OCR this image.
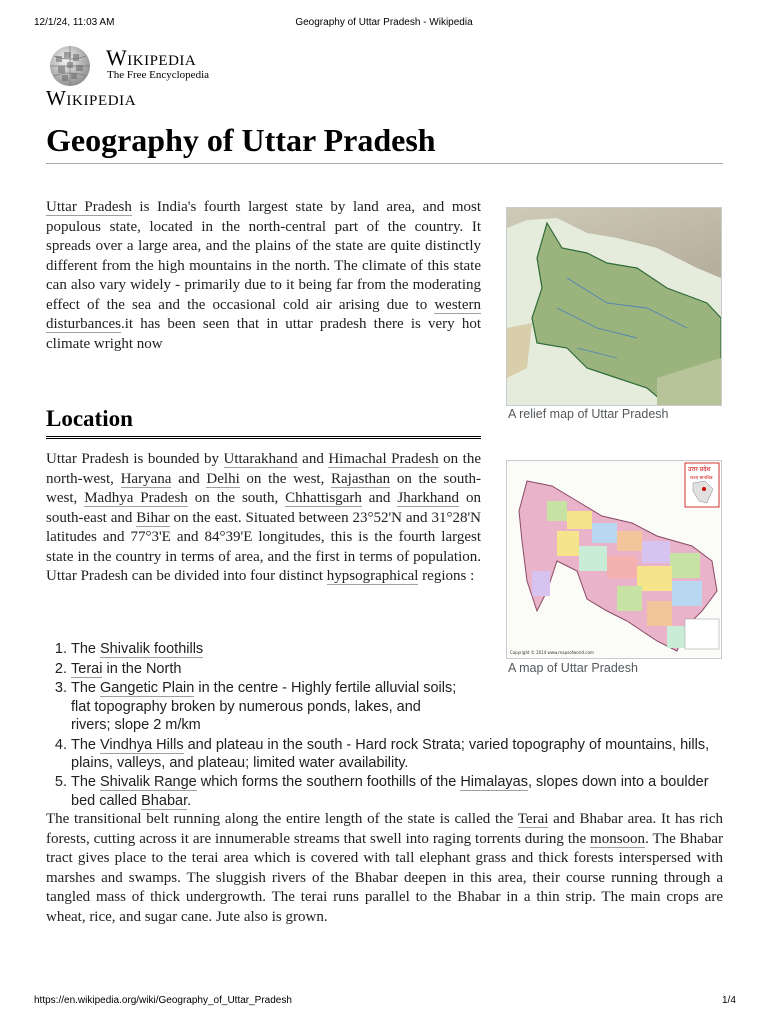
12/1/24, 11:03 AM	Geography of Uttar Pradesh - Wikipedia
Wikipedia
The Free Encyclopedia
Wikipedia
Geography of Uttar Pradesh

Uttar Pradesh is India's fourth largest state by land area, and most populous state, located in the north-central part of the country. It spreads over a large area, and the plains of the state are quite distinctly different from the high mountains in the north. The climate of this state can also vary widely - primarily due to it being far from the moderating effect of the sea and the occasional cold air arising due to western disturbances.it has been seen that in uttar pradesh there is very hot climate wright now

A relief map of Uttar Pradesh
Location

Uttar Pradesh is bounded by Uttarakhand and Himachal Pradesh on the north-west, Haryana and Delhi on the west, Rajasthan on the south-west, Madhya Pradesh on the south, Chhattisgarh and Jharkhand on south-east and Bihar on the east. Situated between 23°52'N and 31°28'N latitudes and 77°3'E and 84°39'E longitudes, this is the fourth largest state in the country in terms of area, and the first in terms of population. Uttar Pradesh can be divided into four distinct hypsographical regions :

उत्तर प्रदेश
राज्य मानचित्र
Copyright © 2014 www.mapsofworld.com
A map of Uttar Pradesh
1. The Shivalik foothills
2. Terai in the North
3. The Gangetic Plain in the centre - Highly fertile alluvial soils; flat topography broken by numerous ponds, lakes, and rivers; slope 2 m/km
4. The Vindhya Hills and plateau in the south - Hard rock Strata; varied topography of mountains, hills, plains, valleys, and plateau; limited water availability.
5. The Shivalik Range which forms the southern foothills of the Himalayas, slopes down into a boulder bed called Bhabar.

The transitional belt running along the entire length of the state is called the Terai and Bhabar area. It has rich forests, cutting across it are innumerable streams that swell into raging torrents during the monsoon. The Bhabar tract gives place to the terai area which is covered with tall elephant grass and thick forests interspersed with marshes and swamps. The sluggish rivers of the Bhabar deepen in this area, their course running through a tangled mass of thick undergrowth. The terai runs parallel to the Bhabar in a thin strip. The main crops are wheat, rice, and sugar cane. Jute also is grown.

https://en.wikipedia.org/wiki/Geography_of_Uttar_Pradesh	1/4
